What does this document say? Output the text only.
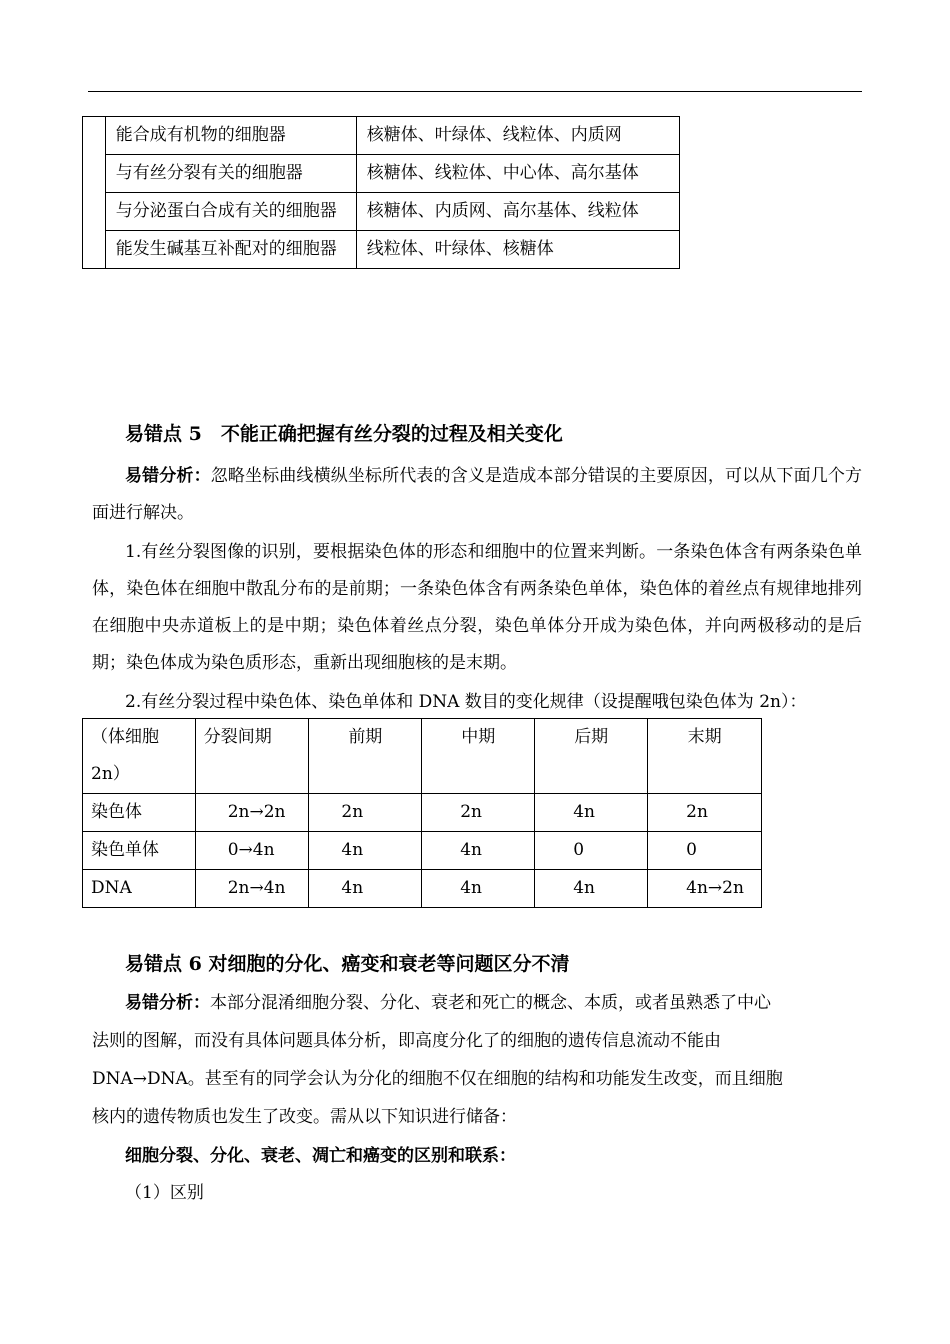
	能合成有机物的细胞器	核糖体、叶绿体、线粒体、内质网
	与有丝分裂有关的细胞器	核糖体、线粒体、中心体、高尔基体
	与分泌蛋白合成有关的细胞器	核糖体、内质网、高尔基体、线粒体
	能发生碱基互补配对的细胞器	线粒体、叶绿体、核糖体
易错点 5　不能正确把握有丝分裂的过程及相关变化
易错分析：忽略坐标曲线横纵坐标所代表的含义是造成本部分错误的主要原因，可以从下面几个方面进行解决。
1.有丝分裂图像的识别，要根据染色体的形态和细胞中的位置来判断。一条染色体含有两条染色单体，染色体在细胞中散乱分布的是前期；一条染色体含有两条染色单体，染色体的着丝点有规律地排列在细胞中央赤道板上的是中期；染色体着丝点分裂，染色单体分开成为染色体，并向两极移动的是后期；染色体成为染色质形态，重新出现细胞核的是末期。
2.有丝分裂过程中染色体、染色单体和 DNA 数目的变化规律（设提醒哦包染色体为 2n）：
（体细胞2n）	分裂间期	前期	中期	后期	末期
染色体	2n→2n	2n	2n	4n	2n
染色单体	0→4n	4n	4n	0	0
DNA	2n→4n	4n	4n	4n	4n→2n
易错点 6 对细胞的分化、癌变和衰老等问题区分不清
易错分析：本部分混淆细胞分裂、分化、衰老和死亡的概念、本质，或者虽熟悉了中心
法则的图解，而没有具体问题具体分析，即高度分化了的细胞的遗传信息流动不能由
DNA→DNA。甚至有的同学会认为分化的细胞不仅在细胞的结构和功能发生改变，而且细胞
核内的遗传物质也发生了改变。需从以下知识进行储备：
细胞分裂、分化、衰老、凋亡和癌变的区别和联系：
（1）区别
